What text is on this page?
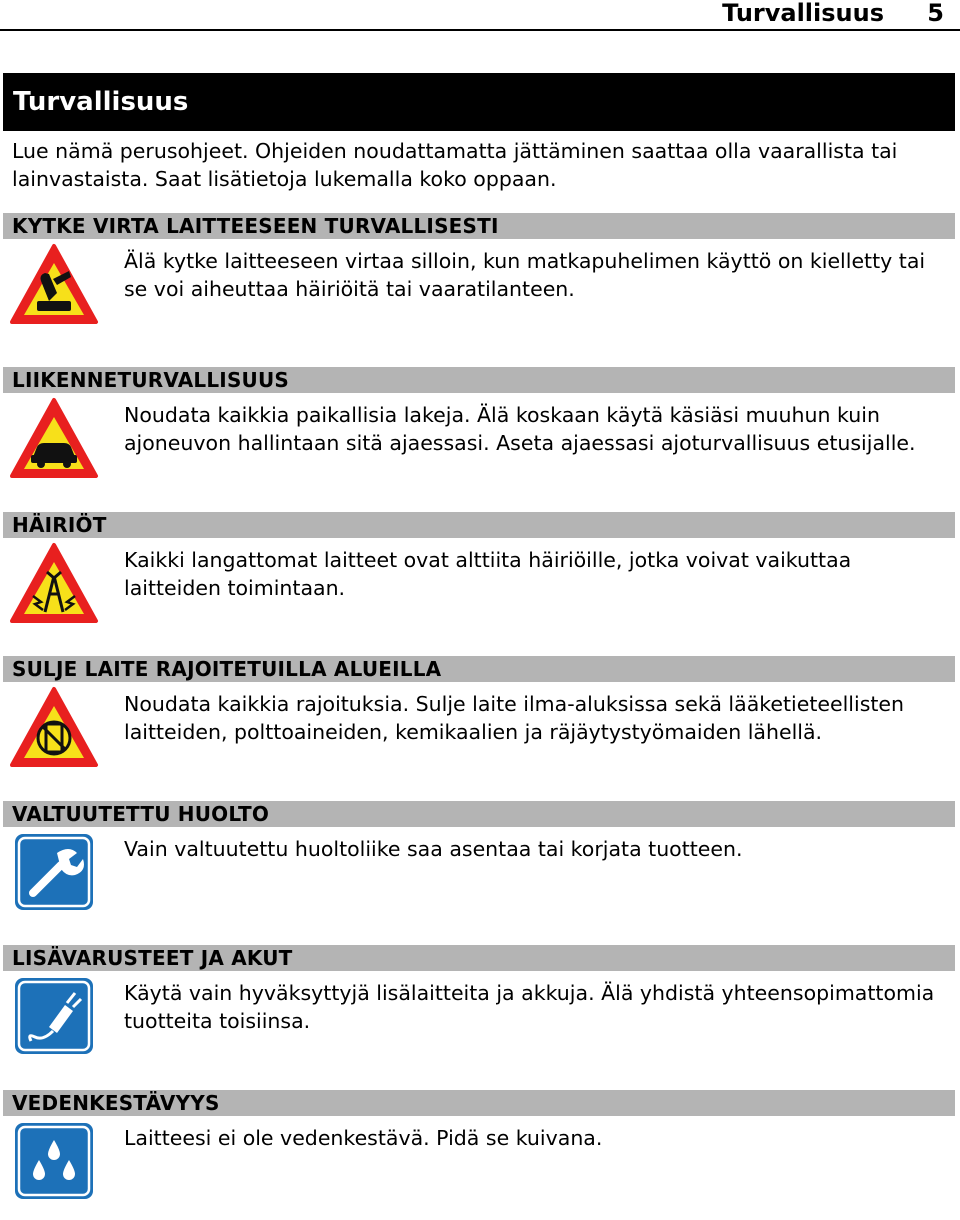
Turvallisuus 5
Turvallisuus
Lue nämä perusohjeet. Ohjeiden noudattamatta jättäminen saattaa olla vaarallista tai lainvastaista. Saat lisätietoja lukemalla koko oppaan.
KYTKE VIRTA LAITTEESEEN TURVALLISESTI
Älä kytke laitteeseen virtaa silloin, kun matkapuhelimen käyttö on kielletty tai se voi aiheuttaa häiriöitä tai vaaratilanteen.
LIIKENNETURVALLISUUS
Noudata kaikkia paikallisia lakeja. Älä koskaan käytä käsiäsi muuhun kuin ajoneuvon hallintaan sitä ajaessasi. Aseta ajaessasi ajoturvallisuus etusijalle.
HÄIRIÖT
Kaikki langattomat laitteet ovat alttiita häiriöille, jotka voivat vaikuttaa laitteiden toimintaan.
SULJE LAITE RAJOITETUILLA ALUEILLA
Noudata kaikkia rajoituksia. Sulje laite ilma-aluksissa sekä lääketieteellisten laitteiden, polttoaineiden, kemikaalien ja räjäytystyömaiden lähellä.
VALTUUTETTU HUOLTO
Vain valtuutettu huoltoliike saa asentaa tai korjata tuotteen.
LISÄVARUSTEET JA AKUT
Käytä vain hyväksyttyjä lisälaitteita ja akkuja. Älä yhdistä yhteensopimattomia tuotteita toisiinsa.
VEDENKESTÄVYYS
Laitteesi ei ole vedenkestävä. Pidä se kuivana.
